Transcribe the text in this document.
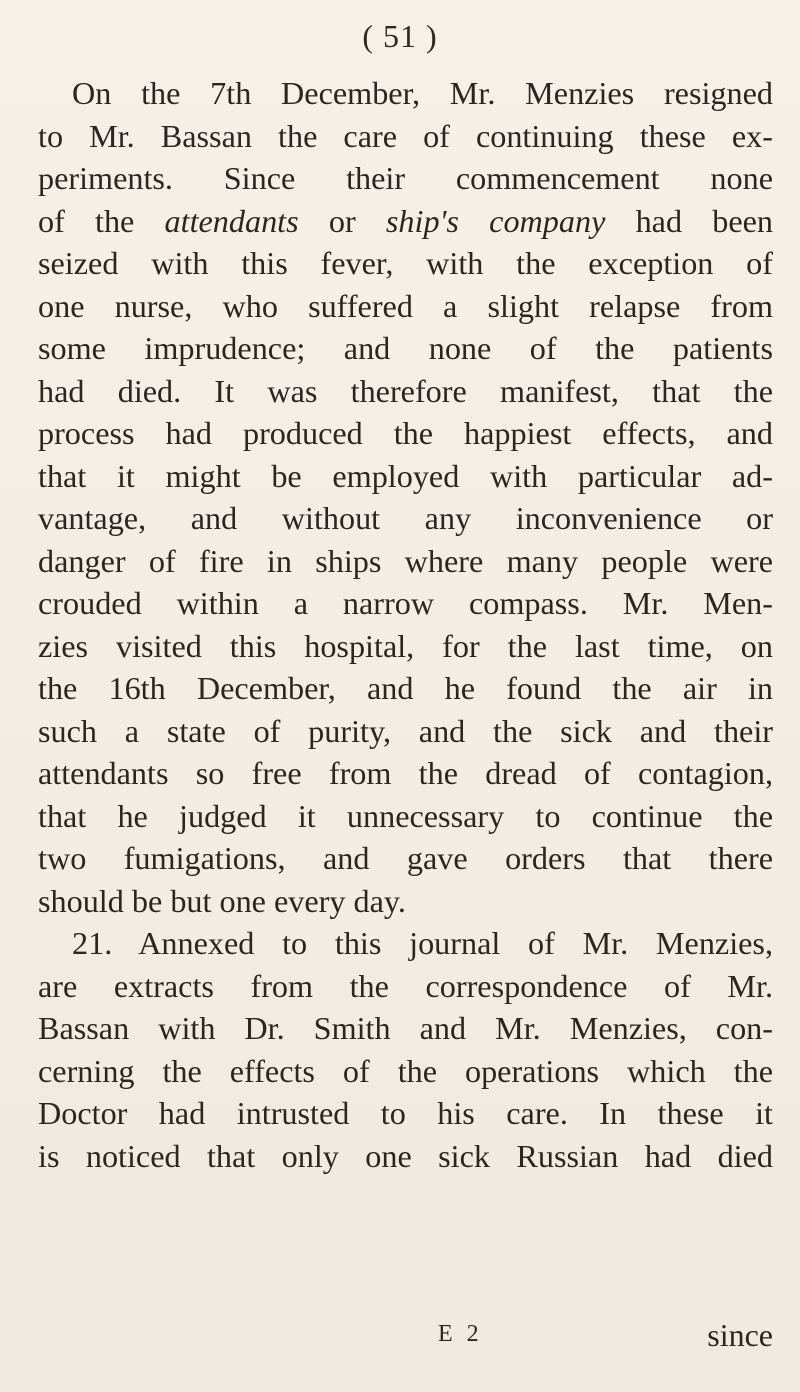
( 51 )
On the 7th December, Mr. Menzies resigned
to Mr. Bassan the care of continuing these ex-
periments. Since their commencement none
of the attendants or ship's company had been
seized with this fever, with the exception of
one nurse, who suffered a slight relapse from
some imprudence; and none of the patients
had died. It was therefore manifest, that the
process had produced the happiest effects, and
that it might be employed with particular ad-
vantage, and without any inconvenience or
danger of fire in ships where many people were
crouded within a narrow compass. Mr. Men-
zies visited this hospital, for the last time, on
the 16th December, and he found the air in
such a state of purity, and the sick and their
attendants so free from the dread of contagion,
that he judged it unnecessary to continue the
two fumigations, and gave orders that there
should be but one every day.
21. Annexed to this journal of Mr. Menzies,
are extracts from the correspondence of Mr.
Bassan with Dr. Smith and Mr. Menzies, con-
cerning the effects of the operations which the
Doctor had intrusted to his care. In these it
is noticed that only one sick Russian had died
E 2	since
